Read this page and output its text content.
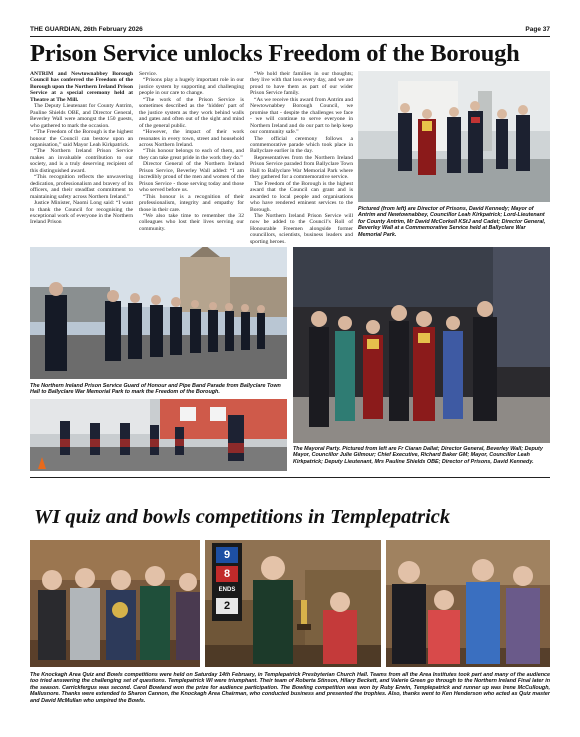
THE GUARDIAN, 26th February 2026	Page 37
Prison Service unlocks Freedom of the Borough

ANTRIM and Newtownabbey Borough Council has conferred the Freedom of the Borough upon the Northern Ireland Prison Service at a special ceremony held at Theatre at The Mill.

The Deputy Lieutenant for County Antrim, Pauline Shields OBE, and Director General, Beverley Wall were amongst the 150 guests, who gathered to mark the occasion.

“The Freedom of the Borough is the highest honour the Council can bestow upon an organisation,” said Mayor Leah Kirkpatrick.

“The Northern Ireland Prison Service makes an invaluable contribution to our society, and is a truly deserving recipient of this distinguished award.

“This recognition reflects the unwavering dedication, professionalism and bravery of its officers, and their steadfast commitment to maintaining safety across Northern Ireland.”

Justice Minister, Naomi Long said: “I want to thank the Council for recognising the exceptional work of everyone in the Northern Ireland Prison

Service.

“Prisons play a hugely important role in our justice system by supporting and challenging people in our care to change.

“The work of the Prison Service is sometimes described as the ‘hidden’ part of the justice system as they work behind walls and gates and often out of the sight and mind of the general public.

“However, the impact of their work resonates in every town, street and household across Northern Ireland.

“This honour belongs to each of them, and they can take great pride in the work they do.”

Director General of the Northern Ireland Prison Service, Beverley Wall added: “I am incredibly proud of the men and women of the Prison Service - those serving today and those who served before us.

“This honour is a recognition of their professionalism, integrity and empathy for those in their care.

“We also take time to remember the 32 colleagues who lost their lives serving our community.

“We hold their families in our thoughts; they live with that loss every day, and we are proud to have them as part of our wider Prison Service family.

“As we receive this award from Antrim and Newtownabbey Borough Council, we promise that - despite the challenges we face - we will continue to serve everyone in Northern Ireland and do our part to help keep our community safe.”

The official ceremony follows a commemorative parade which took place in Ballyclare earlier in the day.

Representatives from the Northern Ireland Prison Service paraded from Ballyclare Town Hall to Ballyclare War Memorial Park where they gathered for a commemorative service.

The Freedom of the Borough is the highest award that the Council can grant and is awarded to local people and organisations who have rendered eminent services to the Borough.

The Northern Ireland Prison Service will now be added to the Council’s Roll of Honourable Freemen alongside former councillors, scientists, business leaders and sporting heroes.

Pictured (from left) are Director of Prisons, David Kennedy; Mayor of Antrim and Newtownabbey, Councillor Leah Kirkpatrick; Lord-Lieutenant for County Antrim, Mr David McCorkell KStJ and Cadet; Director General, Beverley Wall at a Commemorative Service held at Ballyclare War Memorial Park.
The Northern Ireland Prison Service Guard of Honour and Pipe Band Parade from Ballyclare Town Hall to Ballyclare War Memorial Park to mark the Freedom of the Borough.
The Mayoral Party. Pictured from left are Fr Ciaran Dallat; Director General, Beverley Wall; Deputy Mayor, Councillor Julie Gilmour; Chief Executive, Richard Baker GM; Mayor, Councillor Leah Kirkpatrick; Deputy Lieutenant, Mrs Pauline Shields OBE; Director of Prisons, David Kennedy.
WI quiz and bowls competitions in Templepatrick
9
8
ENDS
2
The Knockagh Area Quiz and Bowls competitions were held on Saturday 14th February, in Templepatrick Presbyterian Church Hall. Teams from all the Area Institutes took part and many of the audience too tried answering the challenging set of questions. Templepatrick WI were triumphant. Their team of Roberta Stinson, Hilary Beckett, and Valerie Green go through to the Northern Ireland Final later in the season. Carrickfergus was second. Carol Bowland won the prize for audience participation. The Bowling competition was won by Ruby Erwin, Templepatrick and runner up was Irene McCullough, Mallusnore. Thanks were extended to Sharon Cannon, the Knockagh Area Chairman, who conducted business and presented the trophies. Also, thanks went to Ken Henderson who acted as Quiz master and David McMullan who umpired the Bowls.
